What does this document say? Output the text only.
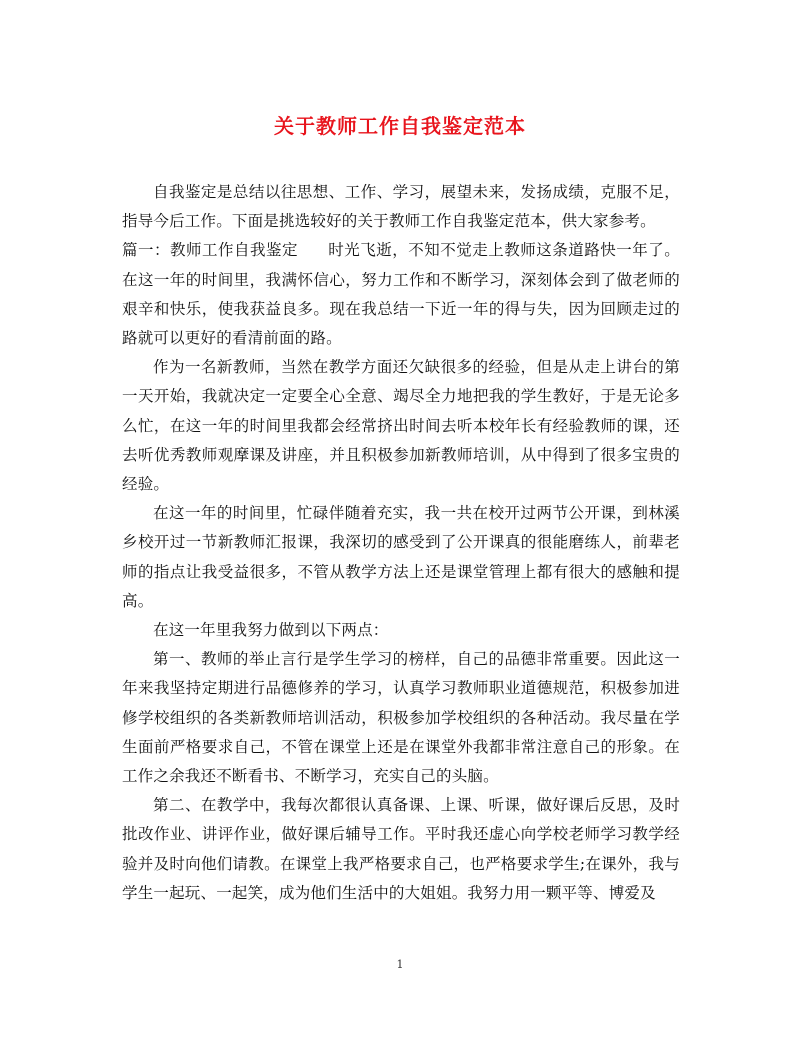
关于教师工作自我鉴定范本

自我鉴定是总结以往思想、工作、学习，展望未来，发扬成绩，克服不足，指导今后工作。下面是挑选较好的关于教师工作自我鉴定范本，供大家参考。

篇一：教师工作自我鉴定 时光飞逝，不知不觉走上教师这条道路快一年了。在这一年的时间里，我满怀信心，努力工作和不断学习，深刻体会到了做老师的艰辛和快乐，使我获益良多。现在我总结一下近一年的得与失，因为回顾走过的路就可以更好的看清前面的路。

作为一名新教师，当然在教学方面还欠缺很多的经验，但是从走上讲台的第一天开始，我就决定一定要全心全意、竭尽全力地把我的学生教好，于是无论多么忙，在这一年的时间里我都会经常挤出时间去听本校年长有经验教师的课，还去听优秀教师观摩课及讲座，并且积极参加新教师培训，从中得到了很多宝贵的经验。

在这一年的时间里，忙碌伴随着充实，我一共在校开过两节公开课，到林溪乡校开过一节新教师汇报课，我深切的感受到了公开课真的很能磨练人，前辈老师的指点让我受益很多，不管从教学方法上还是课堂管理上都有很大的感触和提高。

在这一年里我努力做到以下两点：

第一、教师的举止言行是学生学习的榜样，自己的品德非常重要。因此这一年来我坚持定期进行品德修养的学习，认真学习教师职业道德规范，积极参加进修学校组织的各类新教师培训活动，积极参加学校组织的各种活动。我尽量在学生面前严格要求自己，不管在课堂上还是在课堂外我都非常注意自己的形象。在工作之余我还不断看书、不断学习，充实自己的头脑。

第二、在教学中，我每次都很认真备课、上课、听课，做好课后反思，及时批改作业、讲评作业，做好课后辅导工作。平时我还虚心向学校老师学习教学经验并及时向他们请教。在课堂上我严格要求自己，也严格要求学生;在课外，我与学生一起玩、一起笑，成为他们生活中的大姐姐。我努力用一颗平等、博爱及

1
